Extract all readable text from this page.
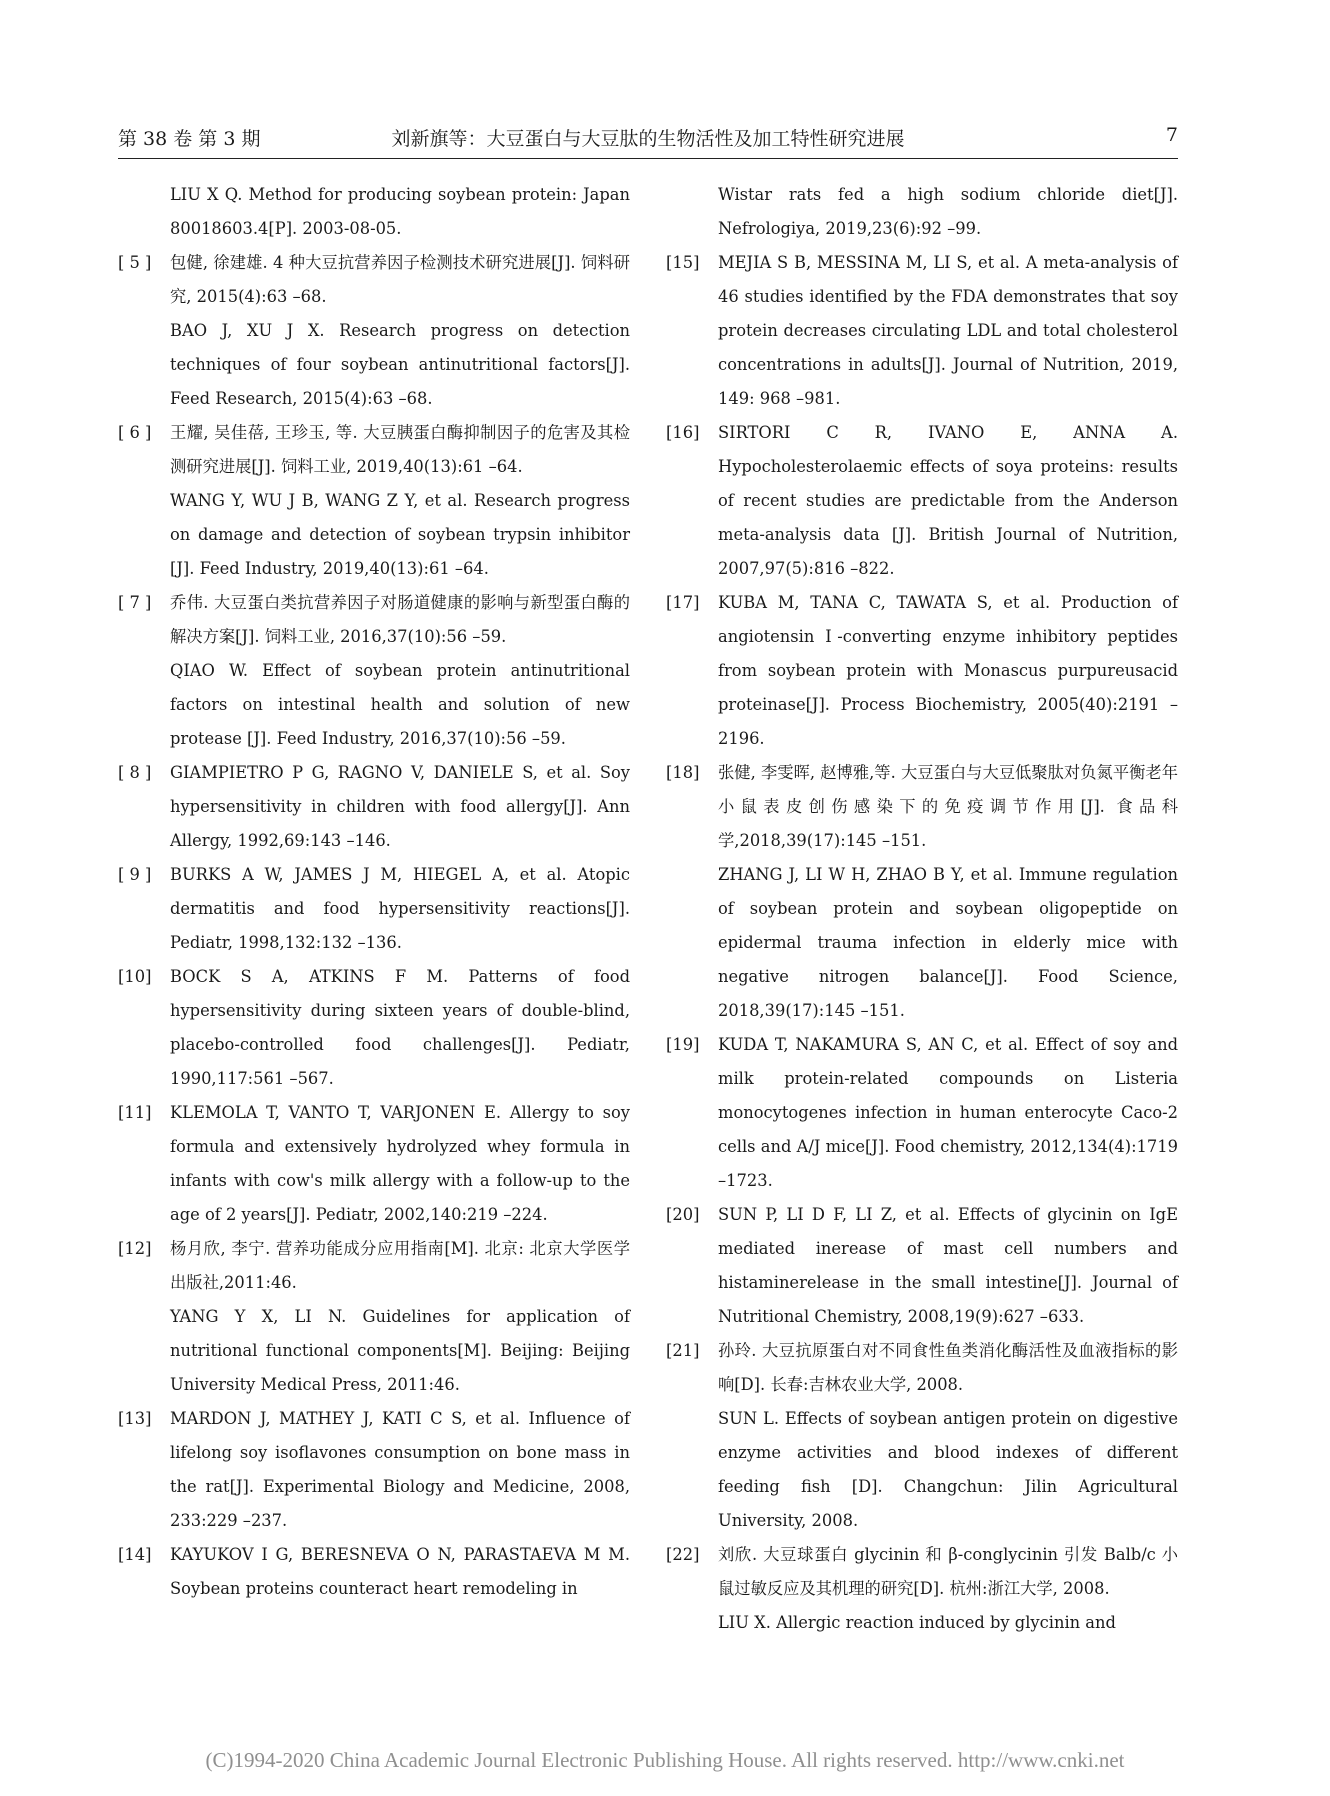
第 38 卷 第 3 期	刘新旗等：大豆蛋白与大豆肽的生物活性及加工特性研究进展	7
LIU X Q. Method for producing soybean protein: Japan 80018603.4[P]. 2003-08-05.
[ 5 ]	包健, 徐建雄. 4 种大豆抗营养因子检测技术研究进展[J]. 饲料研究, 2015(4):63 –68.
BAO J, XU J X. Research progress on detection techniques of four soybean antinutritional factors[J]. Feed Research, 2015(4):63 –68.
[ 6 ]	王耀, 吴佳蓓, 王珍玉, 等. 大豆胰蛋白酶抑制因子的危害及其检测研究进展[J]. 饲料工业, 2019,40(13):61 –64.
WANG Y, WU J B, WANG Z Y, et al. Research progress on damage and detection of soybean trypsin inhibitor [J]. Feed Industry, 2019,40(13):61 –64.
[ 7 ]	乔伟. 大豆蛋白类抗营养因子对肠道健康的影响与新型蛋白酶的解决方案[J]. 饲料工业, 2016,37(10):56 –59.
QIAO W. Effect of soybean protein antinutritional factors on intestinal health and solution of new protease [J]. Feed Industry, 2016,37(10):56 –59.
[ 8 ]	GIAMPIETRO P G, RAGNO V, DANIELE S, et al. Soy hypersensitivity in children with food allergy[J]. Ann Allergy, 1992,69:143 –146.
[ 9 ]	BURKS A W, JAMES J M, HIEGEL A, et al. Atopic dermatitis and food hypersensitivity reactions[J]. Pediatr, 1998,132:132 –136.
[10]	BOCK S A, ATKINS F M. Patterns of food hypersensitivity during sixteen years of double-blind, placebo-controlled food challenges[J]. Pediatr, 1990,117:561 –567.
[11]	KLEMOLA T, VANTO T, VARJONEN E. Allergy to soy formula and extensively hydrolyzed whey formula in infants with cow's milk allergy with a follow-up to the age of 2 years[J]. Pediatr, 2002,140:219 –224.
[12]	杨月欣, 李宁. 营养功能成分应用指南[M]. 北京: 北京大学医学出版社,2011:46.
YANG Y X, LI N. Guidelines for application of nutritional functional components[M]. Beijing: Beijing University Medical Press, 2011:46.
[13]	MARDON J, MATHEY J, KATI C S, et al. Influence of lifelong soy isoflavones consumption on bone mass in the rat[J]. Experimental Biology and Medicine, 2008, 233:229 –237.
[14]	KAYUKOV I G, BERESNEVA O N, PARASTAEVA M M. Soybean proteins counteract heart remodeling in
Wistar rats fed a high sodium chloride diet[J]. Nefrologiya, 2019,23(6):92 –99.
[15]	MEJIA S B, MESSINA M, LI S, et al. A meta-analysis of 46 studies identified by the FDA demonstrates that soy protein decreases circulating LDL and total cholesterol concentrations in adults[J]. Journal of Nutrition, 2019, 149: 968 –981.
[16]	SIRTORI C R, IVANO E, ANNA A. Hypocholesterolaemic effects of soya proteins: results of recent studies are predictable from the Anderson meta-analysis data [J]. British Journal of Nutrition, 2007,97(5):816 –822.
[17]	KUBA M, TANA C, TAWATA S, et al. Production of angiotensin Ⅰ-converting enzyme inhibitory peptides from soybean protein with Monascus purpureusacid proteinase[J]. Process Biochemistry, 2005(40):2191 –2196.
[18]	张健, 李雯晖, 赵博雅,等. 大豆蛋白与大豆低聚肽对负氮平衡老年小鼠表皮创伤感染下的免疫调节作用[J]. 食品科学,2018,39(17):145 –151.
ZHANG J, LI W H, ZHAO B Y, et al. Immune regulation of soybean protein and soybean oligopeptide on epidermal trauma infection in elderly mice with negative nitrogen balance[J]. Food Science, 2018,39(17):145 –151.
[19]	KUDA T, NAKAMURA S, AN C, et al. Effect of soy and milk protein-related compounds on Listeria monocytogenes infection in human enterocyte Caco-2 cells and A/J mice[J]. Food chemistry, 2012,134(4):1719 –1723.
[20]	SUN P, LI D F, LI Z, et al. Effects of glycinin on IgE mediated inerease of mast cell numbers and histaminerelease in the small intestine[J]. Journal of Nutritional Chemistry, 2008,19(9):627 –633.
[21]	孙玲. 大豆抗原蛋白对不同食性鱼类消化酶活性及血液指标的影响[D]. 长春:吉林农业大学, 2008.
SUN L. Effects of soybean antigen protein on digestive enzyme activities and blood indexes of different feeding fish [D]. Changchun: Jilin Agricultural University, 2008.
[22]	刘欣. 大豆球蛋白 glycinin 和 β-conglycinin 引发 Balb/c 小鼠过敏反应及其机理的研究[D]. 杭州:浙江大学, 2008.
LIU X. Allergic reaction induced by glycinin and
(C)1994-2020 China Academic Journal Electronic Publishing House. All rights reserved. http://www.cnki.net
